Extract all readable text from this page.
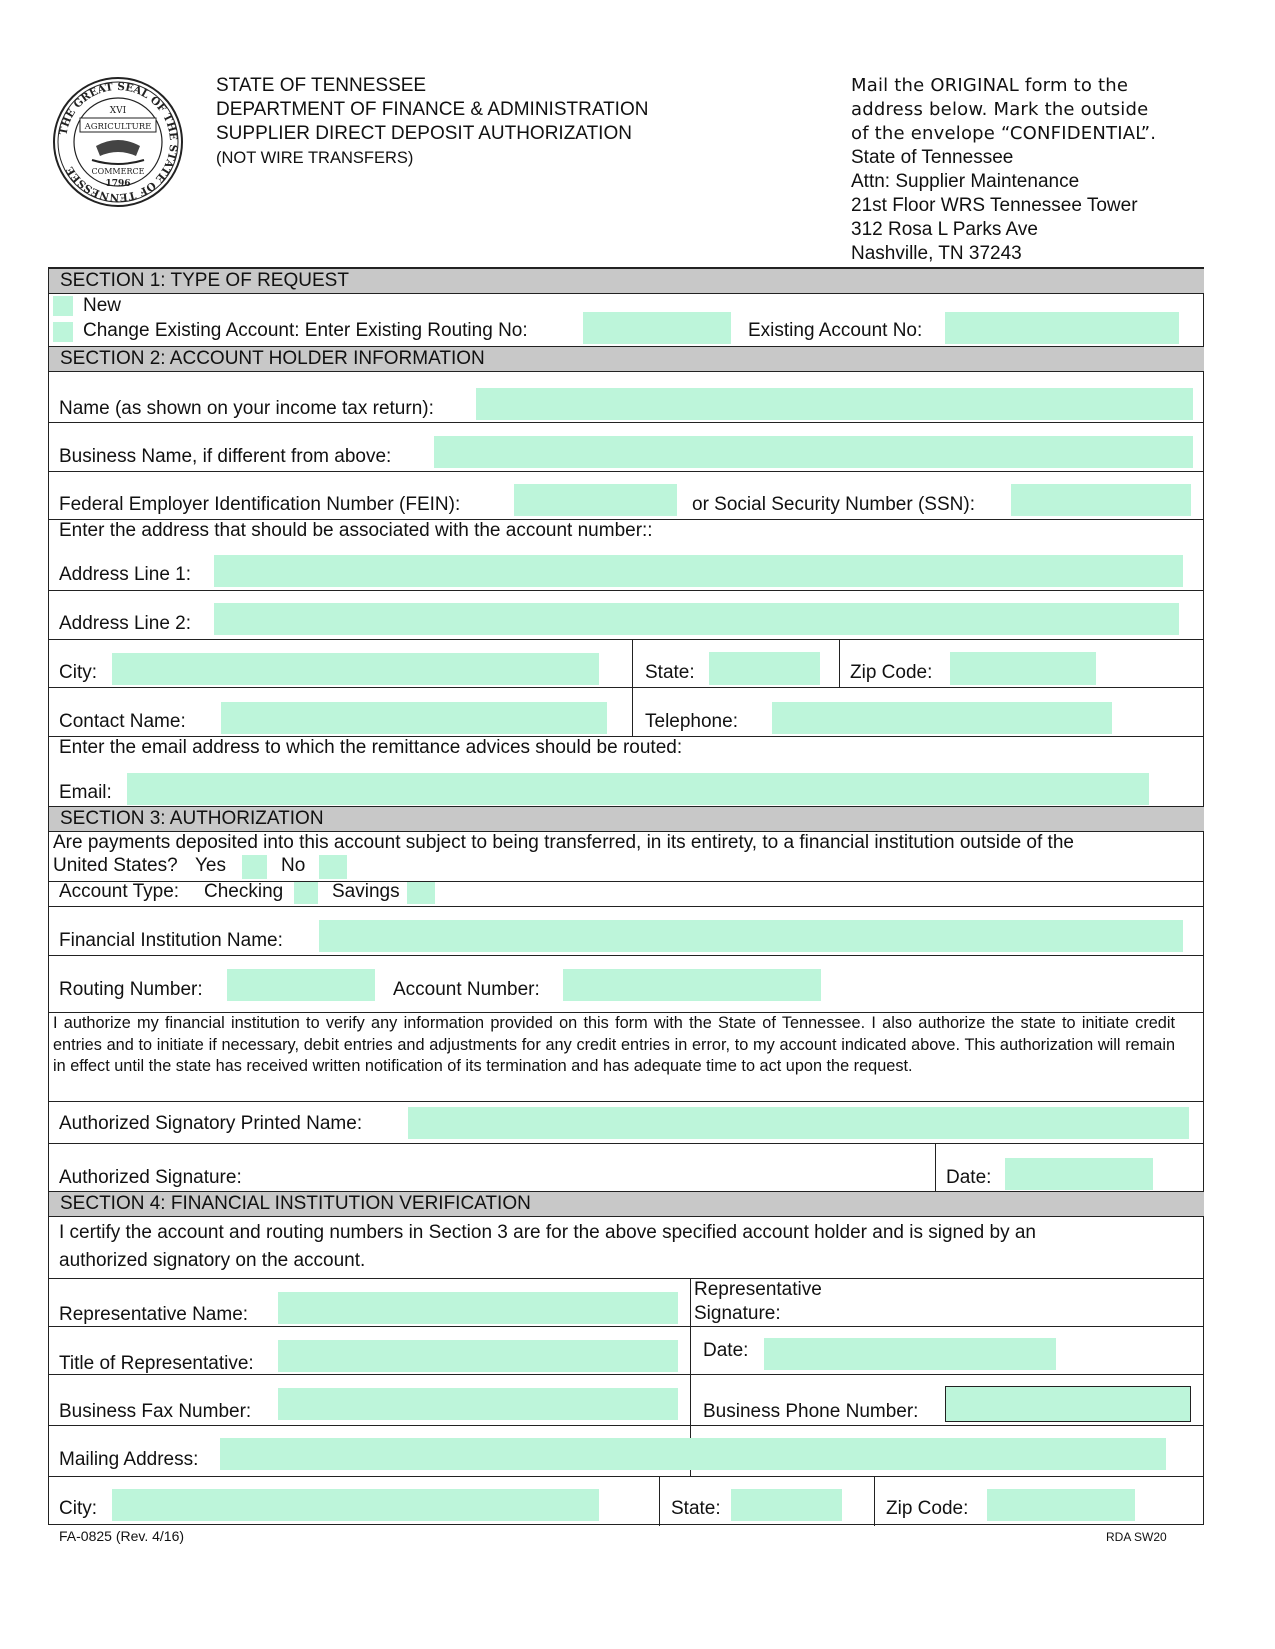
THE GREAT SEAL OF THE STATE OF TENNESSEE
XVI
AGRICULTURE
COMMERCE
1796
STATE OF TENNESSEE
DEPARTMENT OF FINANCE & ADMINISTRATION
SUPPLIER DIRECT DEPOSIT AUTHORIZATION
(NOT WIRE TRANSFERS)
Mail the ORIGINAL form to the
address below. Mark the outside
of the envelope “CONFIDENTIAL”.
State of Tennessee
Attn: Supplier Maintenance
21st Floor WRS Tennessee Tower
312 Rosa L Parks Ave
Nashville, TN 37243
SECTION 1: TYPE OF REQUEST
New
Change Existing Account: Enter Existing Routing No:	Existing Account No:
SECTION 2: ACCOUNT HOLDER INFORMATION
Name (as shown on your income tax return):
Business Name, if different from above:
Federal Employer Identification Number (FEIN):	or Social Security Number (SSN):
Enter the address that should be associated with the account number::
Address Line 1:
Address Line 2:
City:	State:	Zip Code:
Contact Name:	Telephone:
Enter the email address to which the remittance advices should be routed:
Email:
SECTION 3: AUTHORIZATION
Are payments deposited into this account subject to being transferred, in its entirety, to a financial institution outside of the
United States? Yes	No
Account Type: Checking	Savings
Financial Institution Name:
Routing Number:	Account Number:
I authorize my financial institution to verify any information provided on this form with the State of Tennessee. I also authorize the state to initiate credit entries and to initiate if necessary, debit entries and adjustments for any credit entries in error, to my account indicated above. This authorization will remain in effect until the state has received written notification of its termination and has adequate time to act upon the request.
Authorized Signatory Printed Name:
Authorized Signature:	Date:
SECTION 4: FINANCIAL INSTITUTION VERIFICATION
I certify the account and routing numbers in Section 3 are for the above specified account holder and is signed by an
authorized signatory on the account.
Representative Name:
Representative
Signature:
Title of Representative:
Date:
Business Fax Number:	Business Phone Number:
Mailing Address:
City:	State:	Zip Code:
FA-0825 (Rev. 4/16)	RDA SW20
